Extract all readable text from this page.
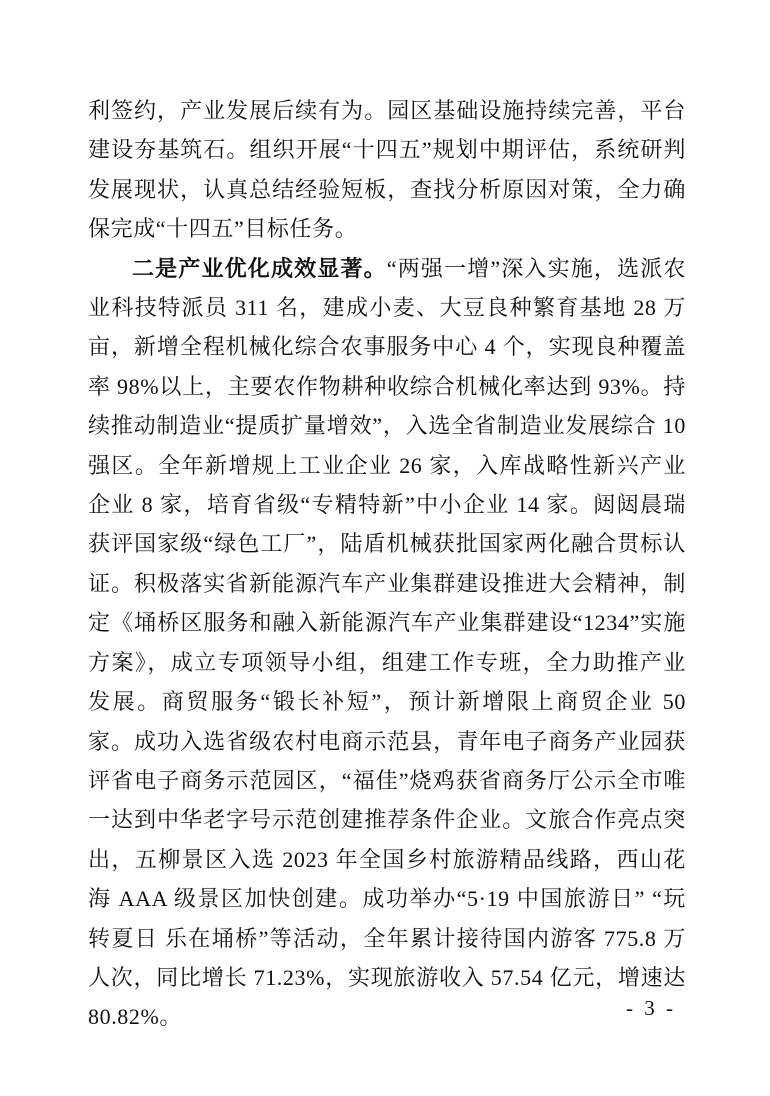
利签约，产业发展后续有为。园区基础设施持续完善，平台建设夯基筑石。组织开展“十四五”规划中期评估，系统研判发展现状，认真总结经验短板，查找分析原因对策，全力确保完成“十四五”目标任务。

二是产业优化成效显著。“两强一增”深入实施，选派农业科技特派员 311 名，建成小麦、大豆良种繁育基地 28 万亩，新增全程机械化综合农事服务中心 4 个，实现良种覆盖率 98%以上，主要农作物耕种收综合机械化率达到 93%。持续推动制造业“提质扩量增效”，入选全省制造业发展综合 10 强区。全年新增规上工业企业 26 家，入库战略性新兴产业企业 8 家，培育省级“专精特新”中小企业 14 家。闼闼晨瑞获评国家级“绿色工厂”，陆盾机械获批国家两化融合贯标认证。积极落实省新能源汽车产业集群建设推进大会精神，制定《埇桥区服务和融入新能源汽车产业集群建设“1234”实施方案》，成立专项领导小组，组建工作专班，全力助推产业发展。商贸服务“锻长补短”，预计新增限上商贸企业 50 家。成功入选省级农村电商示范县，青年电子商务产业园获评省电子商务示范园区，“福佳”烧鸡获省商务厅公示全市唯一达到中华老字号示范创建推荐条件企业。文旅合作亮点突出，五柳景区入选 2023 年全国乡村旅游精品线路，西山花海 AAA 级景区加快创建。成功举办“5·19 中国旅游日” “玩转夏日 乐在埇桥”等活动，全年累计接待国内游客 775.8 万人次，同比增长 71.23%，实现旅游收入 57.54 亿元，增速达 80.82%。	- 3 -
